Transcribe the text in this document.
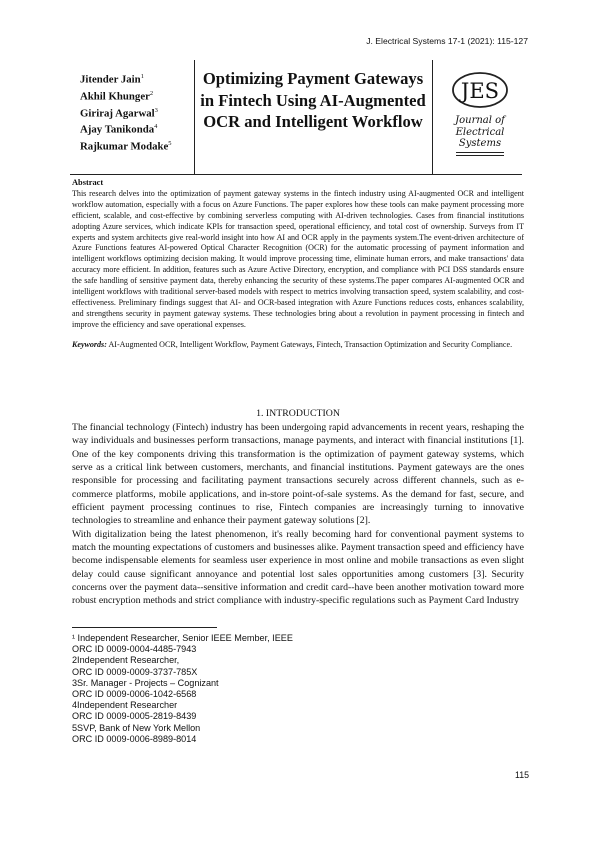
J. Electrical Systems 17-1 (2021): 115-127
Jitender Jain$^1$
Akhil Khunger$^2$
Giriraj Agarwal$^3$
Ajay Tanikonda$^4$
Rajkumar Modake$^5$
Optimizing Payment Gateways in Fintech Using AI-Augmented OCR and Intelligent Workflow
JES
Journal of
Electrical
Systems
Abstract

This research delves into the optimization of payment gateway systems in the fintech industry using AI-augmented OCR and intelligent workflow automation, especially with a focus on Azure Functions. The paper explores how these tools can make payment processing more efficient, scalable, and cost-effective by combining serverless computing with AI-driven technologies. Cases from financial institutions adopting Azure services, which indicate KPIs for transaction speed, operational efficiency, and total cost of ownership. Surveys from IT experts and system architects give real-world insight into how AI and OCR apply in the payments system.The event-driven architecture of Azure Functions features AI-powered Optical Character Recognition (OCR) for the automatic processing of payment information and intelligent workflows optimizing decision making. It would improve processing time, eliminate human errors, and make transactions' data accuracy more efficient. In addition, features such as Azure Active Directory, encryption, and compliance with PCI DSS standards ensure the safe handling of sensitive payment data, thereby enhancing the security of these systems.The paper compares AI-augmented OCR and intelligent workflows with traditional server-based models with respect to metrics involving transaction speed, system scalability, and cost-effectiveness. Preliminary findings suggest that AI- and OCR-based integration with Azure Functions reduces costs, enhances scalability, and strengthens security in payment gateway systems. These technologies bring about a revolution in payment processing in fintech and improve the efficiency and save operational expenses.

Keywords: AI-Augmented OCR, Intelligent Workflow, Payment Gateways, Fintech, Transaction Optimization and Security Compliance.
1. INTRODUCTION

The financial technology (Fintech) industry has been undergoing rapid advancements in recent years, reshaping the way individuals and businesses perform transactions, manage payments, and interact with financial institutions [1]. One of the key components driving this transformation is the optimization of payment gateway systems, which serve as a critical link between customers, merchants, and financial institutions. Payment gateways are the ones responsible for processing and facilitating payment transactions securely across different channels, such as e-commerce platforms, mobile applications, and in-store point-of-sale systems. As the demand for fast, secure, and efficient payment processing continues to rise, Fintech companies are increasingly turning to innovative technologies to streamline and enhance their payment gateway solutions [2].

With digitalization being the latest phenomenon, it's really becoming hard for conventional payment systems to match the mounting expectations of customers and businesses alike. Payment transaction speed and efficiency have become indispensable elements for seamless user experience in most online and mobile transactions as even slight delay could cause significant annoyance and potential lost sales opportunities among customers [3]. Security concerns over the payment data--sensitive information and credit card--have been another motivation toward more robust encryption methods and strict compliance with industry-specific regulations such as Payment Card Industry

¹ Independent Researcher, Senior IEEE Member, IEEE
ORC ID 0009-0004-4485-7943
2Independent Researcher,
ORC ID 0009-0009-3737-785X
3Sr. Manager - Projects – Cognizant
ORC ID 0009-0006-1042-6568
4Independent Researcher
ORC ID 0009-0005-2819-8439
5SVP, Bank of New York Mellon
ORC ID 0009-0006-8989-8014
115
